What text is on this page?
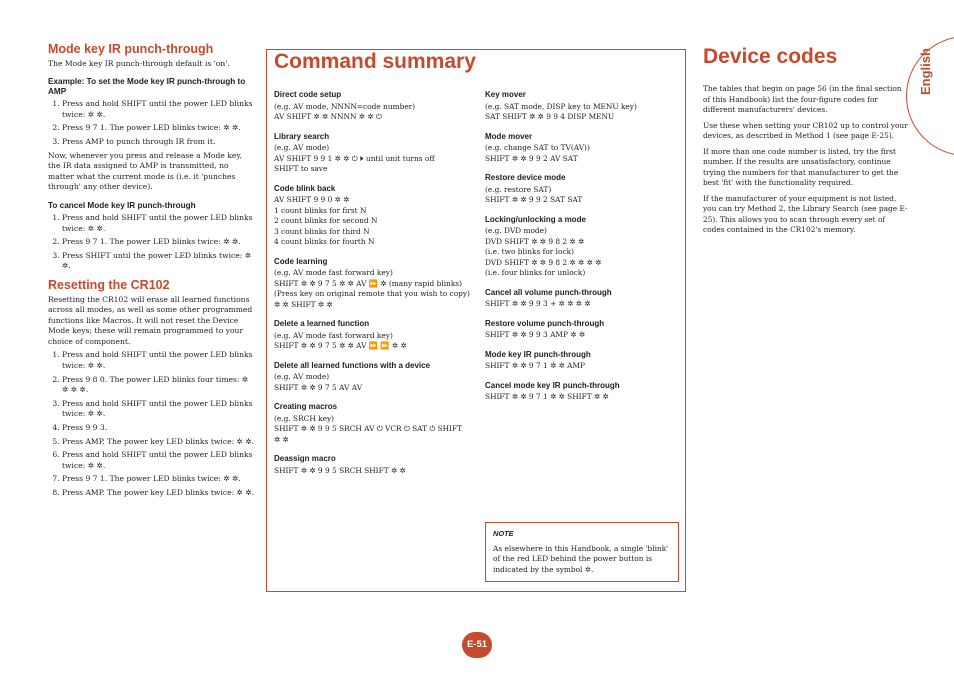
Mode key IR punch-through

The Mode key IR punch-through default is 'on'.

Example: To set the Mode key IR punch-through to AMP
1. Press and hold SHIFT until the power LED blinks twice: ✲ ✲.
2. Press 9 7 1. The power LED blinks twice: ✲ ✲.
3. Press AMP to punch through IR from it.

Now, whenever you press and release a Mode key, the IR data assigned to AMP is transmitted, no matter what the current mode is (i.e. it 'punches through' any other device).

To cancel Mode key IR punch-through
1. Press and hold SHIFT until the power LED blinks twice: ✲ ✲.
2. Press 9 7 1. The power LED blinks twice: ✲ ✲.
3. Press SHIFT until the power LED blinks twice: ✲ ✲.
Resetting the CR102

Resetting the CR102 will erase all learned functions across all modes, as well as some other programmed functions like Macros. It will not reset the Device Mode keys; these will remain programmed to your choice of component.

1. Press and hold SHIFT until the power LED blinks twice: ✲ ✲.
2. Press 9 8 0. The power LED blinks four times: ✲ ✲ ✲ ✲.
3. Press and hold SHIFT until the power LED blinks twice: ✲ ✲.
4. Press 9 9 3.
5. Press AMP. The power key LED blinks twice: ✲ ✲.
6. Press and hold SHIFT until the power LED blinks twice: ✲ ✲.
7. Press 9 7 1. The power LED blinks twice: ✲ ✲.
8. Press AMP. The power key LED blinks twice: ✲ ✲.
Command summary
Direct code setup

(e.g. AV mode, NNNN=code number)

AV SHIFT ✲ ✲ NNNN ✲ ✲ ⏻

Library search

(e.g. AV mode)

AV SHIFT 9 9 1 ✲ ✲ ⏻ ⏵ until unit turns off

SHIFT to save

Code blink back

AV SHIFT 9 9 0 ✲ ✲

1 count blinks for first N

2 count blinks for second N

3 count blinks for third N

4 count blinks for fourth N

Code learning

(e.g. AV mode fast forward key)

SHIFT ✲ ✲ 9 7 5 ✲ ✲ AV ⏩ ✲ (many rapid blinks)

(Press key on original remote that you wish to copy)

✲ ✲ SHIFT ✲ ✲

Delete a learned function

(e.g. AV mode fast forward key)

SHIFT ✲ ✲ 9 7 5 ✲ ✲ AV ⏩ ⏩ ✲ ✲

Delete all learned functions with a device

(e.g. AV mode)

SHIFT ✲ ✲ 9 7 5 AV AV

Creating macros

(e.g. SRCH key)

SHIFT ✲ ✲ 9 9 5 SRCH AV ⏻ VCR ⏻ SAT ⏻ SHIFT

✲ ✲

Deassign macro

SHIFT ✲ ✲ 9 9 5 SRCH SHIFT ✲ ✲

Key mover

(e.g. SAT mode, DISP key to MENU key)

SAT SHIFT ✲ ✲ 9 9 4 DISP MENU

Mode mover

(e.g. change SAT to TV(AV))

SHIFT ✲ ✲ 9 9 2 AV SAT

Restore device mode

(e.g. restore SAT)

SHIFT ✲ ✲ 9 9 2 SAT SAT

Locking/unlocking a mode

(e.g. DVD mode)

DVD SHIFT ✲ ✲ 9 8 2 ✲ ✲

(i.e. two blinks for lock)

DVD SHIFT ✲ ✲ 9 8 2 ✲ ✲ ✲ ✲

(i.e. four blinks for unlock)

Cancel all volume punch-through

SHIFT ✲ ✲ 9 9 3 + ✲ ✲ ✲ ✲

Restore volume punch-through

SHIFT ✲ ✲ 9 9 3 AMP ✲ ✲

Mode key IR punch-through

SHIFT ✲ ✲ 9 7 1 ✲ ✲ AMP

Cancel mode key IR punch-through

SHIFT ✲ ✲ 9 7 1 ✲ ✲ SHIFT ✲ ✲

NOTE
As elsewhere in this Handbook, a single 'blink' of the red LED behind the power button is indicated by the symbol ✲.
Device codes

The tables that begin on page 56 (in the final section of this Handbook) list the four-figure codes for different manufacturers' devices.

Use these when setting your CR102 up to control your devices, as described in Method 1 (see page E-25).

If more than one code number is listed, try the first number. If the results are unsatisfactory, continue trying the numbers for that manufacturer to get the best 'fit' with the functionality required.

If the manufacturer of your equipment is not listed, you can try Method 2, the Library Search (see page E-25). This allows you to scan through every set of codes contained in the CR102's memory.

English
E-51
